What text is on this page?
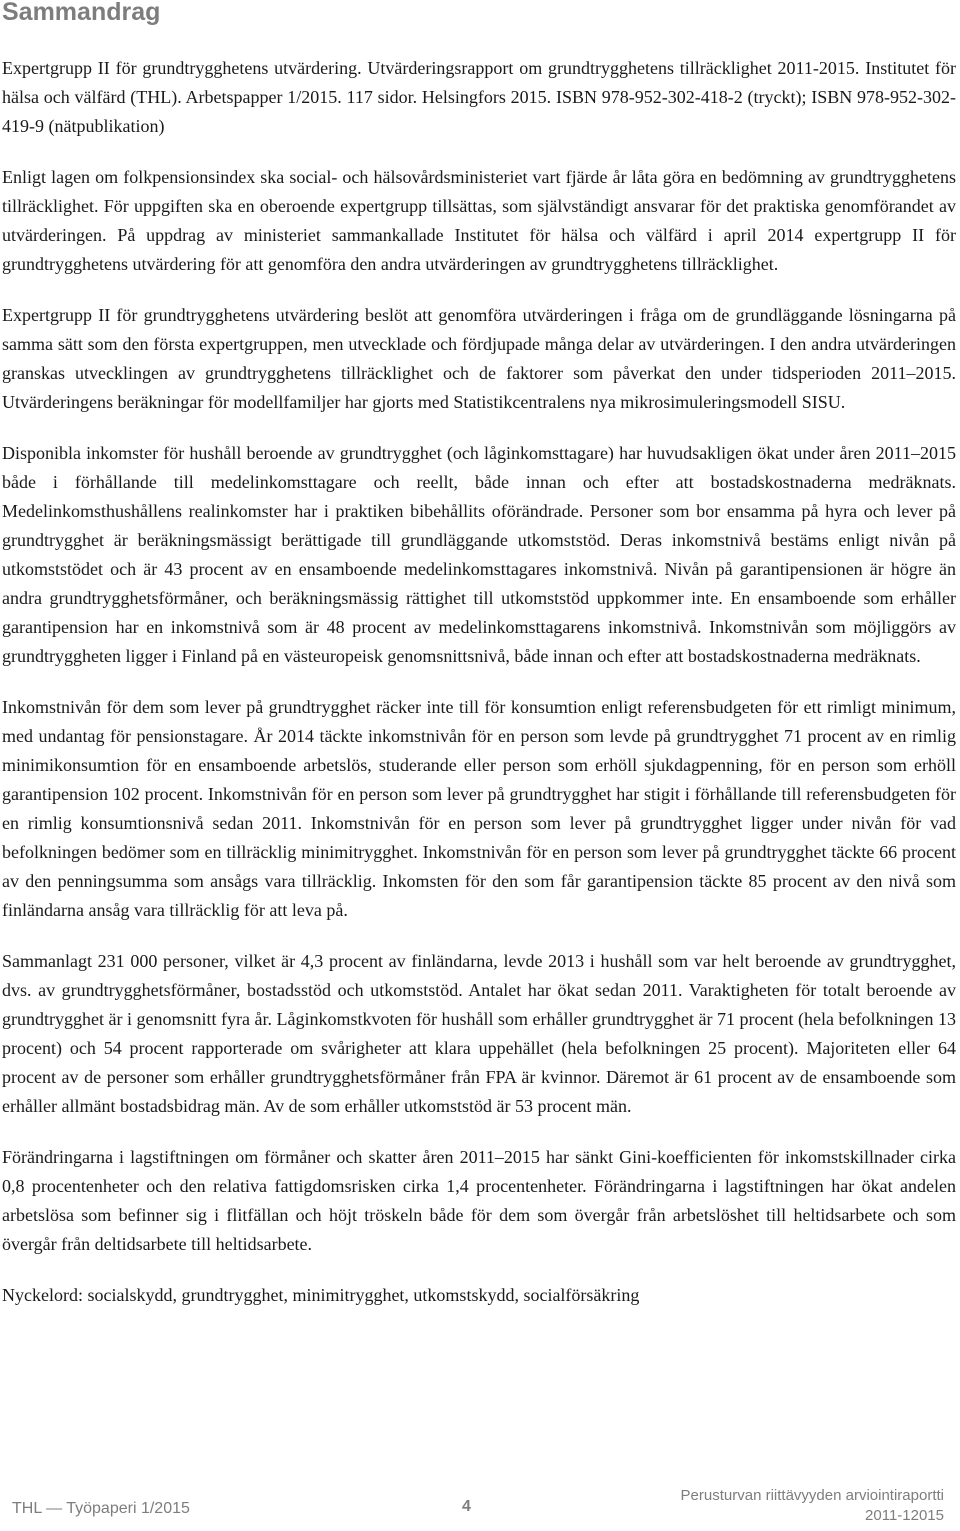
Sammandrag

Expertgrupp II för grundtrygghetens utvärdering. Utvärderingsrapport om grundtrygghetens tillräcklighet 2011-2015. Institutet för hälsa och välfärd (THL). Arbetspapper 1/2015. 117 sidor. Helsingfors 2015. ISBN 978-952-302-418-2 (tryckt); ISBN 978-952-302-419-9 (nätpublikation)

Enligt lagen om folkpensionsindex ska social- och hälsovårdsministeriet vart fjärde år låta göra en bedömning av grundtrygghetens tillräcklighet. För uppgiften ska en oberoende expertgrupp tillsättas, som självständigt ansvarar för det praktiska genomförandet av utvärderingen. På uppdrag av ministeriet sammankallade Institutet för hälsa och välfärd i april 2014 expertgrupp II för grundtrygghetens utvärdering för att genomföra den andra utvärderingen av grundtrygghetens tillräcklighet.

Expertgrupp II för grundtrygghetens utvärdering beslöt att genomföra utvärderingen i fråga om de grundläggande lösningarna på samma sätt som den första expertgruppen, men utvecklade och fördjupade många delar av utvärderingen. I den andra utvärderingen granskas utvecklingen av grundtrygghetens tillräcklighet och de faktorer som påverkat den under tidsperioden 2011–2015. Utvärderingens beräkningar för modellfamiljer har gjorts med Statistikcentralens nya mikrosimuleringsmodell SISU.

Disponibla inkomster för hushåll beroende av grundtrygghet (och låginkomsttagare) har huvudsakligen ökat under åren 2011–2015 både i förhållande till medelinkomsttagare och reellt, både innan och efter att bostadskostnaderna medräknats. Medelinkomsthushållens realinkomster har i praktiken bibehållits oförändrade. Personer som bor ensamma på hyra och lever på grundtrygghet är beräkningsmässigt berättigade till grundläggande utkomststöd. Deras inkomstnivå bestäms enligt nivån på utkomststödet och är 43 procent av en ensamboende medelinkomsttagares inkomstnivå. Nivån på garantipensionen är högre än andra grundtrygghetsförmåner, och beräkningsmässig rättighet till utkomststöd uppkommer inte. En ensamboende som erhåller garantipension har en inkomstnivå som är 48 procent av medelinkomsttagarens inkomstnivå. Inkomstnivån som möjliggörs av grundtryggheten ligger i Finland på en västeuropeisk genomsnittsnivå, både innan och efter att bostadskostnaderna medräknats.

Inkomstnivån för dem som lever på grundtrygghet räcker inte till för konsumtion enligt referensbudgeten för ett rimligt minimum, med undantag för pensionstagare. År 2014 täckte inkomstnivån för en person som levde på grundtrygghet 71 procent av en rimlig minimikonsumtion för en ensamboende arbetslös, studerande eller person som erhöll sjukdagpenning, för en person som erhöll garantipension 102 procent. Inkomstnivån för en person som lever på grundtrygghet har stigit i förhållande till referensbudgeten för en rimlig konsumtionsnivå sedan 2011. Inkomstnivån för en person som lever på grundtrygghet ligger under nivån för vad befolkningen bedömer som en tillräcklig minimitrygghet. Inkomstnivån för en person som lever på grundtrygghet täckte 66 procent av den penningsumma som ansågs vara tillräcklig. Inkomsten för den som får garantipension täckte 85 procent av den nivå som finländarna ansåg vara tillräcklig för att leva på.

Sammanlagt 231 000 personer, vilket är 4,3 procent av finländarna, levde 2013 i hushåll som var helt beroende av grundtrygghet, dvs. av grundtrygghetsförmåner, bostadsstöd och utkomststöd. Antalet har ökat sedan 2011. Varaktigheten för totalt beroende av grundtrygghet är i genomsnitt fyra år. Låginkomstkvoten för hushåll som erhåller grundtrygghet är 71 procent (hela befolkningen 13 procent) och 54 procent rapporterade om svårigheter att klara uppehället (hela befolkningen 25 procent). Majoriteten eller 64 procent av de personer som erhåller grundtrygghetsförmåner från FPA är kvinnor. Däremot är 61 procent av de ensamboende som erhåller allmänt bostadsbidrag män. Av de som erhåller utkomststöd är 53 procent män.

Förändringarna i lagstiftningen om förmåner och skatter åren 2011–2015 har sänkt Gini-koefficienten för inkomstskillnader cirka 0,8 procentenheter och den relativa fattigdomsrisken cirka 1,4 procentenheter. Förändringarna i lagstiftningen har ökat andelen arbetslösa som befinner sig i flitfällan och höjt tröskeln både för dem som övergår från arbetslöshet till heltidsarbete och som övergår från deltidsarbete till heltidsarbete.

Nyckelord: socialskydd, grundtrygghet, minimitrygghet, utkomstskydd, socialförsäkring

THL — Työpaperi 1/2015	4
Perusturvan riittävyyden arviointiraportti
2011-12015
